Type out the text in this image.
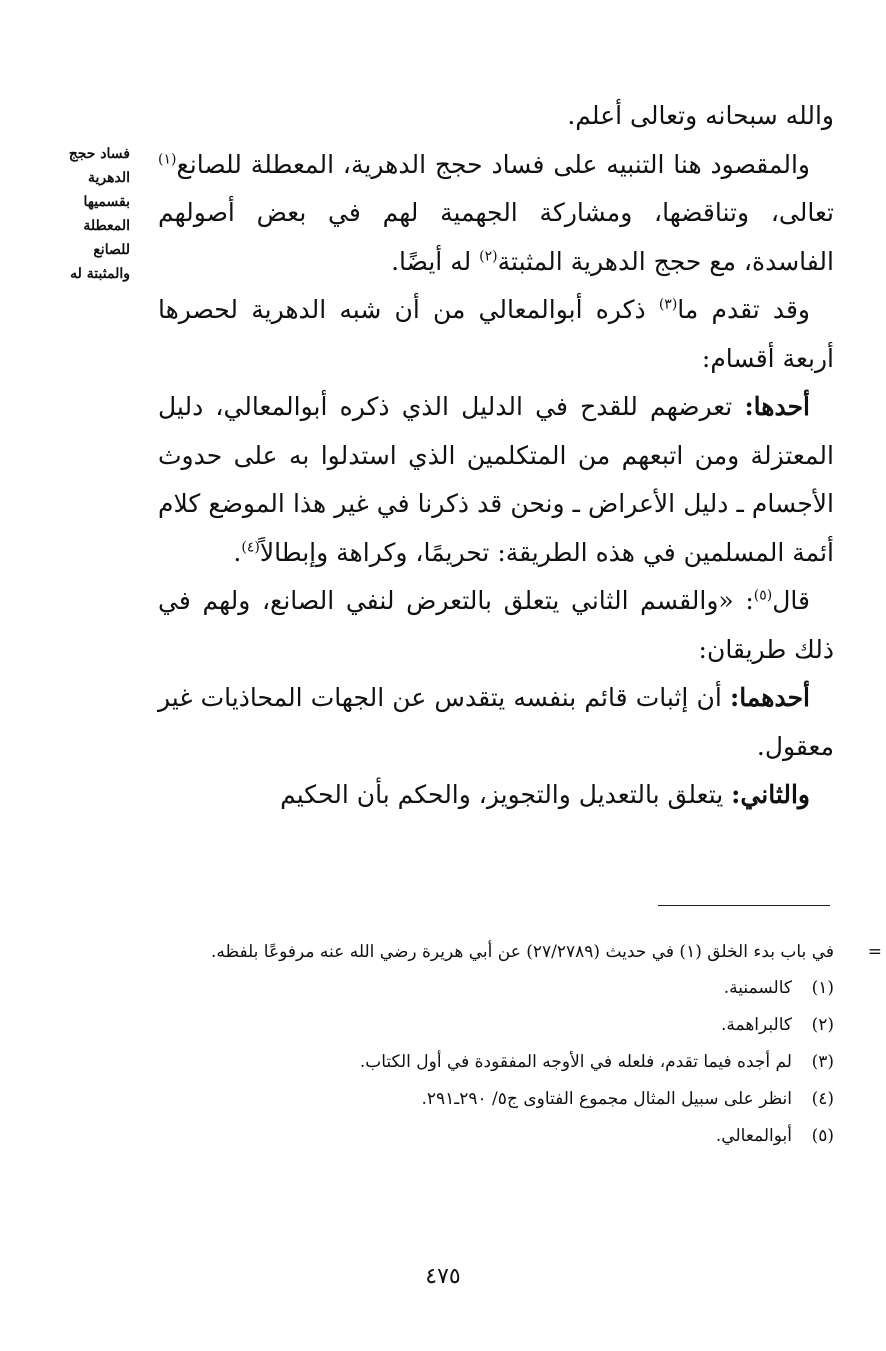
فساد حجج
الدهرية
بقسميها
المعطلة
للصانع
والمثبتة له

والله سبحانه وتعالى أعلم.

والمقصود هنا التنبيه على فساد حجج الدهرية، المعطلة للصانع$^{(١)}$ تعالى، وتناقضها، ومشاركة الجهمية لهم في بعض أصولهم الفاسدة، مع حجج الدهرية المثبتة$^{(٢)}$ له أيضًا.

وقد تقدم ما$^{(٣)}$ ذكره أبوالمعالي من أن شبه الدهرية لحصرها أربعة أقسام:

أحدها: تعرضهم للقدح في الدليل الذي ذكره أبوالمعالي، دليل المعتزلة ومن اتبعهم من المتكلمين الذي استدلوا به على حدوث الأجسام ـ دليل الأعراض ـ ونحن قد ذكرنا في غير هذا الموضع كلام أئمة المسلمين في هذه الطريقة: تحريمًا، وكراهة وإبطالاً$^{(٤)}$.

قال$^{(٥)}$: «والقسم الثاني يتعلق بالتعرض لنفي الصانع، ولهم في ذلك طريقان:

أحدهما: أن إثبات قائم بنفسه يتقدس عن الجهات المحاذيات غير معقول.

والثاني: يتعلق بالتعديل والتجويز، والحكم بأن الحكيم

=
في باب بدء الخلق (١) في حديث (٢٧/٢٧٨٩) عن أبي هريرة رضي الله عنه مرفوعًا بلفظه.
(١)
كالسمنية.
(٢)
كالبراهمة.
(٣)
لم أجده فيما تقدم، فلعله في الأوجه المفقودة في أول الكتاب.
(٤)
انظر على سبيل المثال مجموع الفتاوى ج٥/ ٢٩٠ـ٢٩١.
(٥)
أبوالمعالي.
٤٧٥
